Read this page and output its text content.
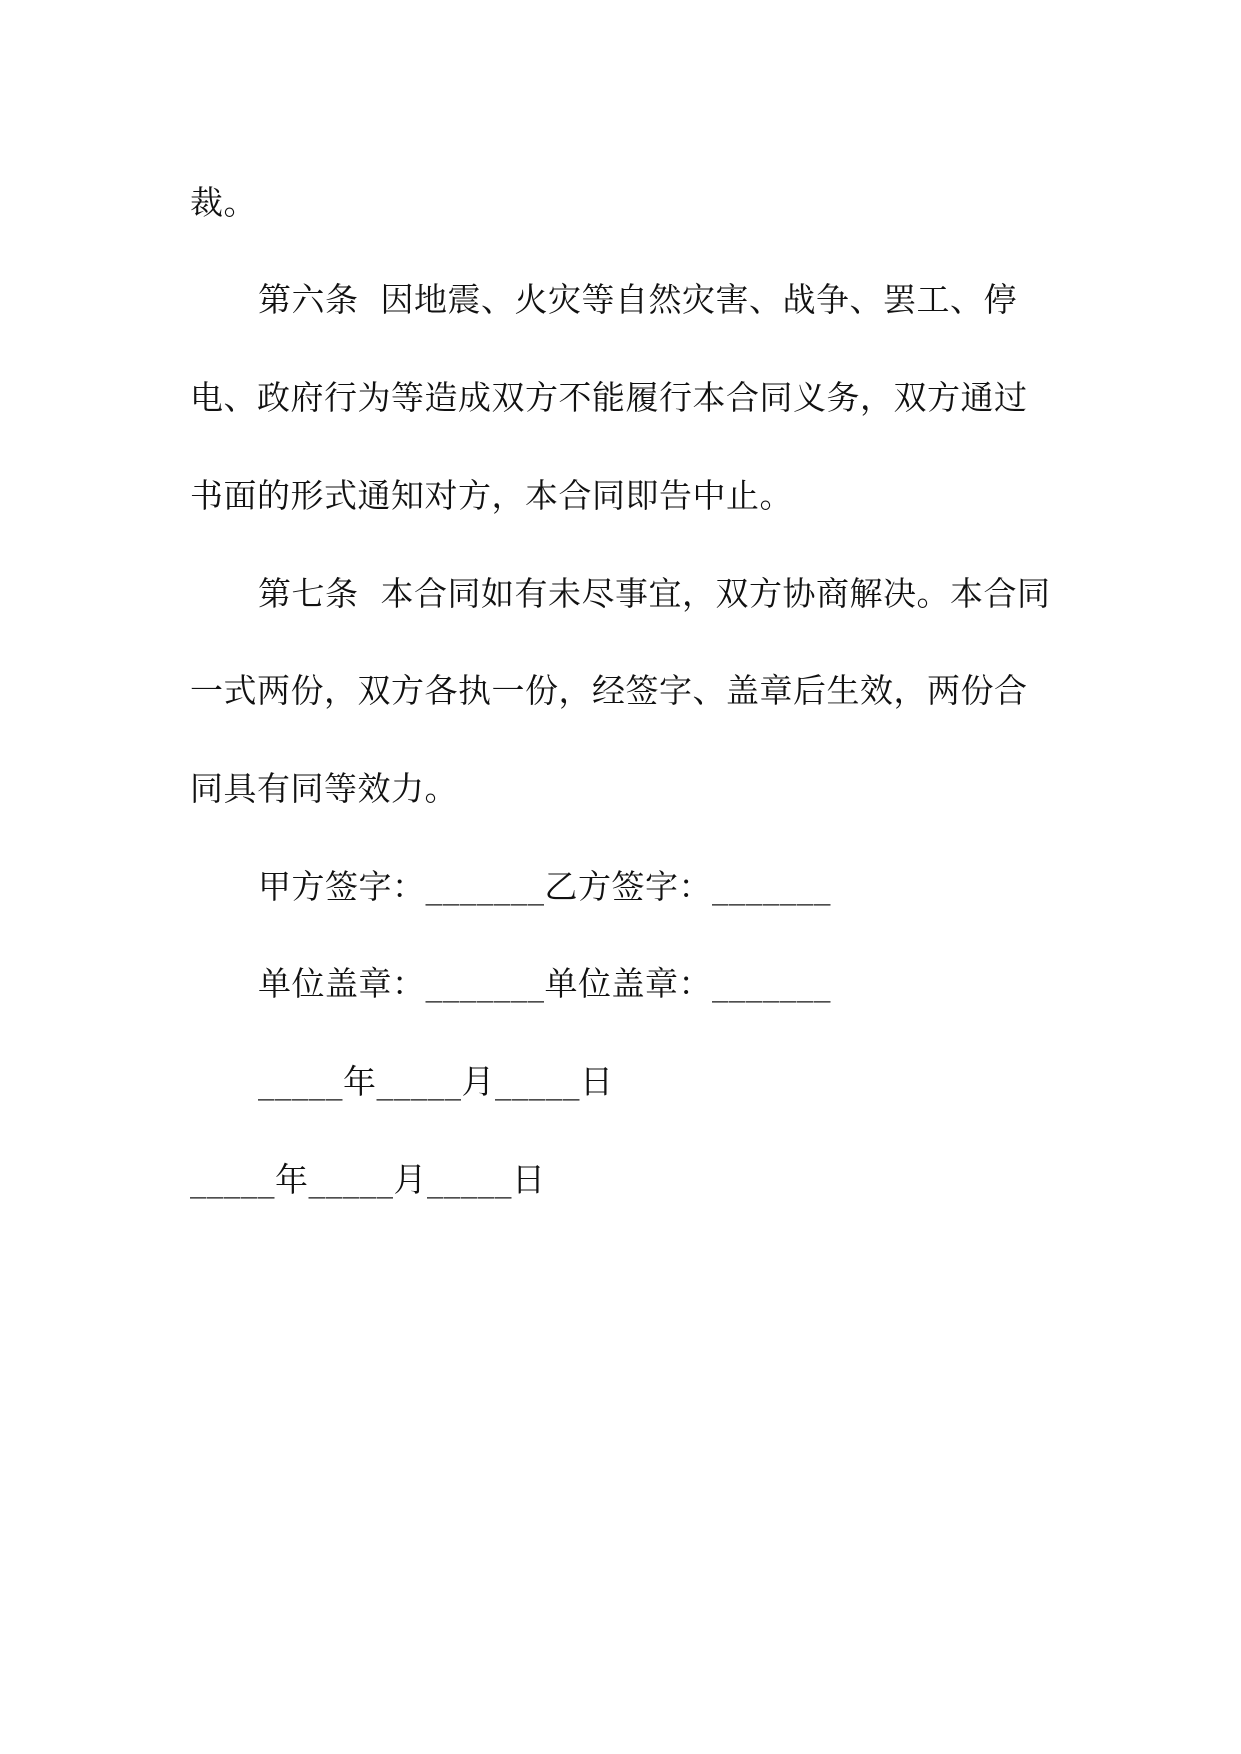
裁。
第六条  因地震、火灾等自然灾害、战争、罢工、停
电、政府行为等造成双方不能履行本合同义务，双方通过
书面的形式通知对方，本合同即告中止。
第七条  本合同如有未尽事宜，双方协商解决。本合同
一式两份，双方各执一份，经签字、盖章后生效，两份合
同具有同等效力。
甲方签字：_______乙方签字：_______
单位盖章：_______单位盖章：_______
_____年_____月_____日
_____年_____月_____日
